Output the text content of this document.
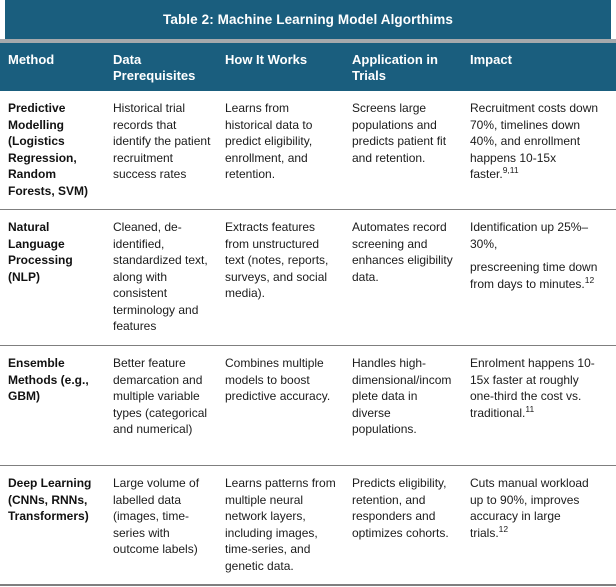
Table 2: Machine Learning Model Algorthims
Method	Data Prerequisites
How It Works	Application in Trials
Impact
Predictive Modelling (Logistics Regression, Random Forests, SVM)
Historical trial records that identify the patient recruitment success rates
Learns from historical data to predict eligibility, enrollment, and retention.
Screens large populations and predicts patient fit and retention.
Recruitment costs down 70%, timelines down 40%, and enrollment happens 10-15x faster.$^{9,11}$
Natural Language Processing (NLP)
Cleaned, de-identified, standardized text, along with consistent terminology and features
Extracts features from unstructured text (notes, reports, surveys, and social media).
Automates record screening and enhances eligibility data.
Identification up 25%–30%,
prescreening time down from days to minutes.$^{12}$
Ensemble Methods (e.g., GBM)
Better feature demarcation and multiple variable types (categorical and numerical)
Combines multiple models to boost predictive accuracy.
Handles high-dimensional/incomplete data in diverse populations.
Enrolment happens 10-15x faster at roughly one-third the cost vs. traditional.$^{11}$
Deep Learning (CNNs, RNNs, Transformers)
Large volume of labelled data (images, time-series with outcome labels)
Learns patterns from multiple neural network layers, including images, time-series, and genetic data.
Predicts eligibility, retention, and responders and optimizes cohorts.
Cuts manual workload up to 90%, improves accuracy in large trials.$^{12}$
